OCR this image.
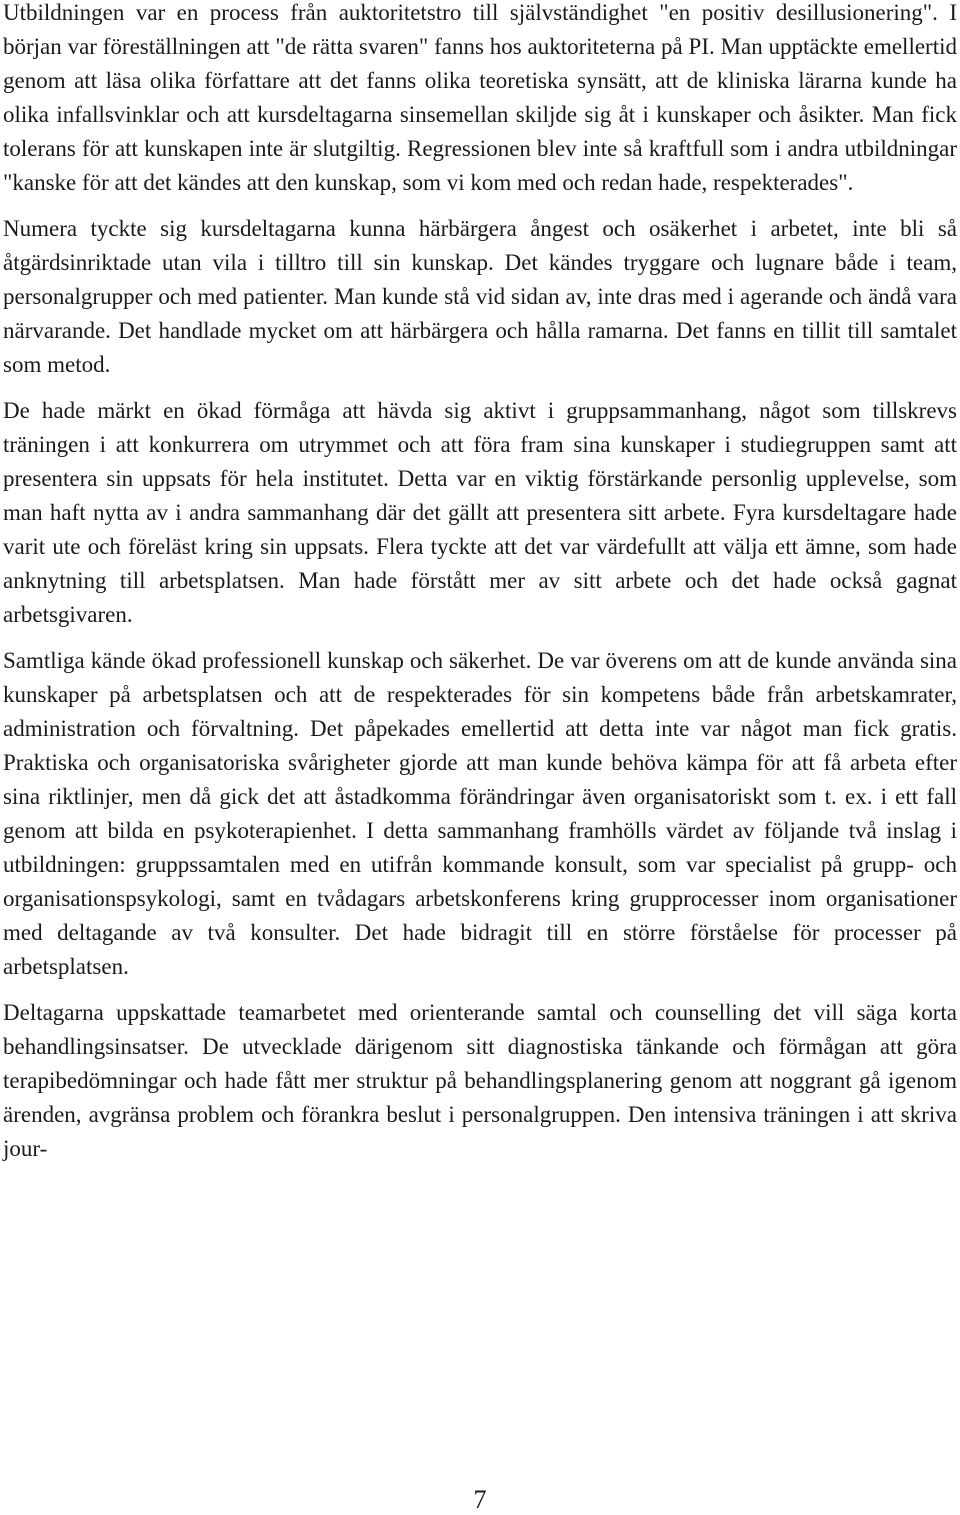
Utbildningen var en process från auktoritetstro till självständighet "en positiv desillusionering". I början var föreställningen att "de rätta svaren" fanns hos auktoriteterna på PI. Man upptäckte emellertid genom att läsa olika författare att det fanns olika teoretiska synsätt, att de kliniska lärarna kunde ha olika infallsvinklar och att kursdeltagarna sinsemellan skiljde sig åt i kunskaper och åsikter. Man fick tolerans för att kunskapen inte är slutgiltig. Regressionen blev inte så kraftfull som i andra utbildningar "kanske för att det kändes att den kunskap, som vi kom med och redan hade, respekterades".

Numera tyckte sig kursdeltagarna kunna härbärgera ångest och osäkerhet i arbetet, inte bli så åtgärdsinriktade utan vila i tilltro till sin kunskap. Det kändes tryggare och lugnare både i team, personalgrupper och med patienter. Man kunde stå vid sidan av, inte dras med i agerande och ändå vara närvarande. Det handlade mycket om att härbärgera och hålla ramarna. Det fanns en tillit till samtalet som metod.

De hade märkt en ökad förmåga att hävda sig aktivt i gruppsammanhang, något som tillskrevs träningen i att konkurrera om utrymmet och att föra fram sina kunskaper i studiegruppen samt att presentera sin uppsats för hela institutet. Detta var en viktig förstärkande personlig upplevelse, som man haft nytta av i andra sammanhang där det gällt att presentera sitt arbete. Fyra kursdeltagare hade varit ute och föreläst kring sin uppsats. Flera tyckte att det var värdefullt att välja ett ämne, som hade anknytning till arbetsplatsen. Man hade förstått mer av sitt arbete och det hade också gagnat arbetsgivaren.

Samtliga kände ökad professionell kunskap och säkerhet. De var överens om att de kunde använda sina kunskaper på arbetsplatsen och att de respekterades för sin kompetens både från arbetskamrater, administration och förvaltning. Det påpekades emellertid att detta inte var något man fick gratis. Praktiska och organisatoriska svårigheter gjorde att man kunde behöva kämpa för att få arbeta efter sina riktlinjer, men då gick det att åstadkomma förändringar även organisatoriskt som t. ex. i ett fall genom att bilda en psykoterapienhet. I detta sammanhang framhölls värdet av följande två inslag i utbildningen: gruppssamtalen med en utifrån kommande konsult, som var specialist på grupp- och organisationspsykologi, samt en tvådagars arbetskonferens kring grupprocesser inom organisationer med deltagande av två konsulter. Det hade bidragit till en större förståelse för processer på arbetsplatsen.

Deltagarna uppskattade teamarbetet med orienterande samtal och counselling det vill säga korta behandlingsinsatser. De utvecklade därigenom sitt diagnostiska tänkande och förmågan att göra terapibedömningar och hade fått mer struktur på behandlingsplanering genom att noggrant gå igenom ärenden, avgränsa problem och förankra beslut i personalgruppen. Den intensiva träningen i att skriva jour-

7
